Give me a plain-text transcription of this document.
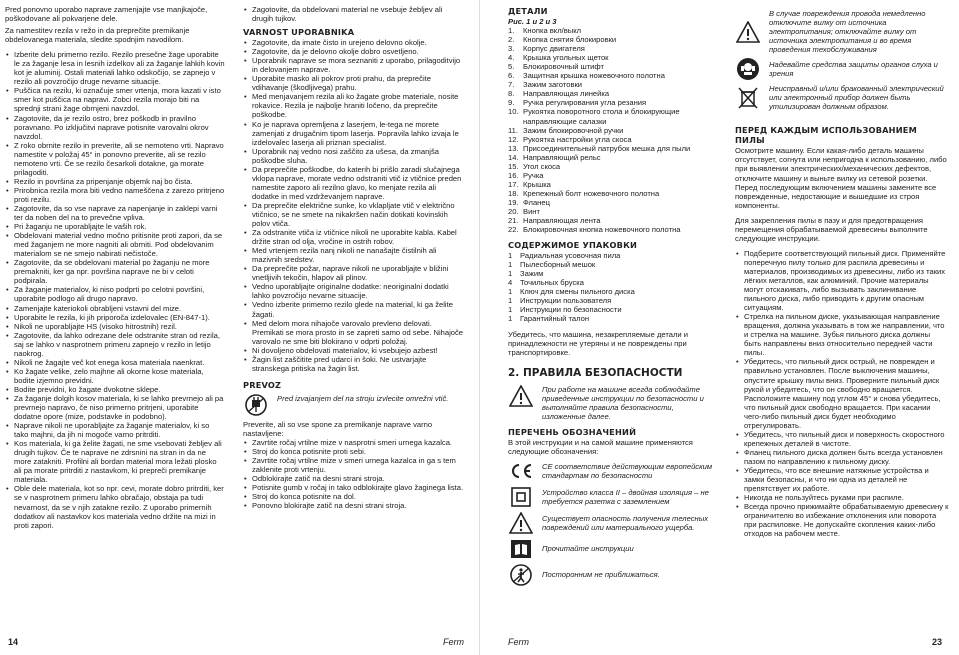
Pred ponovno uporabo naprave zamenjajte vse manjkajoče, poškodovane ali pokvarjene dele.

Za namestitev rezila v režo in da preprečite premikanje obdelovanega materiala, sledite spodnjim navodilom.

• Izberite delu primerno rezilo. Rezilo presečne žage uporabite le za žaganje lesa in lesnih izdelkov ali za žaganje lahkih kovin kot je aluminij. Ostali materiali lahko odskočijo, se zapnejo v rezilo ali povzročijo druge nevarne situacije.
• Puščica na rezilu, ki označuje smer vrtenja, mora kazati v isto smer kot puščica na napravi. Zobci rezila morajo biti na sprednji strani žage obrnjeni navzdol.
• Zagotovite, da je rezilo ostro, brez poškodb in pravilno poravnano. Po izključitvi naprave potisnite varovalni okrov navzdol.
• Z roko obrnite rezilo in preverite, ali se nemoteno vrti. Napravo namestite v položaj 45° in ponovno preverite, ali se rezilo nemoteno vrti. Če se rezilo česarkoli dotakne, ga morate prilagoditi.
• Rezilo in površina za pripenjanje objemk naj bo čista.
• Prirobnica rezila mora biti vedno nameščena z zarezo pritrjeno proti rezilu.
• Zagotovite, da so vse naprave za napenjanje in zaklepi varni ter da noben del na to prevečne vpliva.
• Pri žaganju ne uporabljajte le vaših rok.
• Obdelovani material vedno močno pritisnite proti zapori, da se med žaganjem ne more nagniti ali obrniti. Pod obdelovanim materialom se ne smejo nabirati nečistoče.
• Zagotovite, da se obdelovani material po žaganju ne more premakniti, ker ga npr. površina naprave ne bi v celoti podpirala.
• Za žaganje materialov, ki niso podprti po celotni površini, uporabite podlogo ali drugo napravo.
• Zamenjajte kateriokoli obrabljeni vstavni del mize.
• Uporabite le rezila, ki jih priporoča izdelovalec (EN-847-1).
• Nikoli ne uporabljajte HS (visoko hitrostnih) rezil.
• Zagotovite, da lahko odrezane dele odstranite stran od rezila, saj se lahko v nasprotnem primeru zapnejo v rezilo in letijo naokrog.
• Nikoli ne žagajte več kot enega kosa materiala naenkrat.
• Ko žagate velike, zelo majhne ali okorne kose materiala, bodite izjemno previdni.
• Bodite previdni, ko žagate dvokotne sklepe.
• Za žaganje dolgih kosov materiala, ki se lahko prevrnejo ali pa prevrnejo napravo, če niso primerno pritrjeni, uporabite dodatne opore (mize, podstavke in podobno).
• Naprave nikoli ne uporabljajte za žaganje materialov, ki so tako majhni, da jih ni mogoče varno pritrditi.
• Kos materiala, ki ga želite žagati, ne sme vsebovati žebljev ali drugih tujkov. Če te naprave ne zdrsnini na stran in da ne more zatakniti. Profilni ali bordan material mora ležati plosko ali pa morate pritrditi z nastavkom, ki prepreči premikanje materiala.
• Oble dele materiala, kot so npr. cevi, morate dobro pritrditi, ker se v nasprotnem primeru lahko obračajo, obstaja pa tudi nevarnost, da se v njih zatakne rezilo. Z uporabo primernih dodatkov ali nastavkov kos materiala vedno držite na mizi in proti zapori.
• Zagotovite, da obdelovani material ne vsebuje žebljev ali drugih tujkov.
VARNOST UPORABNIKA
• Zagotovite, da imate čisto in urejeno delovno okolje.
• Zagotovite, da je delovno okolje dobro osvetljeno.
• Uporabnik naprave se mora seznaniti z uporabo, prilagoditvijo in delovanjem naprave.
• Uporabite masko ali pokrov proti prahu, da preprečite vdihavanje (škodljivega) prahu.
• Med menjavanjem rezila ali ko žagate grobe materiale, nosite rokavice. Rezila je najbolje hraniti ločeno, da preprečite poškodbe.
• Ko je naprava opremljena z laserjem, le-tega ne morete zamenjati z drugačnim tipom laserja. Popravila lahko izvaja le izdelovalec laserja ali priznan specialist.
• Uporabnik naj vedno nosi zaščito za ušesa, da zmanjša poškodbe sluha.
• Da preprečite poškodbe, do katerih bi prišlo zaradi slučajnega vklopa naprave, morate vedno odstraniti vtič iz vtičnice preden namestite zaporo ali rezilno glavo, ko menjate rezila ali dodatke in med vzdrževanjem naprave.
• Da preprečite električne sunke, ko vklapljate vtič v električno vtičnico, se ne smete na nikakršen način dotikati kovinskih polov vtiča.
• Za odstranite vtiča iz vtičnice nikoli ne uporabite kabla. Kabel držite stran od olja, vročine in ostrih robov.
• Med vrtenjem rezila nanj nikoli ne nanašajte čistilnih ali mazivnih sredstev.
• Da preprečite požar, naprave nikoli ne uporabljajte v bližini vnetljivih tekočin, hlapov ali plinov.
• Vedno uporabljajte originalne dodatke: neoriginalni dodatki lahko povzročijo nevarne situacije.
• Vedno izberite primerno rezilo glede na material, ki ga želite žagati.
• Med delom mora nihajoče varovalo prevleno delovati. Premikati se mora prosto in se zapreti samo od sebe. Nihajoče varovalo ne sme biti blokirano v odprti položaj.
• Ni dovoljeno obdelovati materialov, ki vsebujejo azbest!
• Žagin list zaščitite pred udarci in šoki. Ne ustvarjajte stranskega pritiska na žagin list.
PREVOZ
Pred izvajanjem del na stroju izvlecite omrežni vtič.

Preverite, ali so vse spone za premikanje naprave varno nastavljene:

• Zavrtite ročaj vrtilne mize v nasprotni smeri urnega kazalca.
• Stroj do konca potisnite proti sebi.
• Zavrtite ročaj vrtilne mize v smeri urnega kazalca in ga s tem zaklenite proti vrtenju.
• Odblokirajte zatič na desni strani stroja.
• Potisnite gumb v ročaj in tako odblokirajte glavo žaginega lista.
• Stroj do konca potisnite na dol.
• Ponovno blokirajte zatič na desni strani stroja.
14	Ferm
ДЕТАЛИ

Рис. 1 и 2 и 3

1.	Кнопка вкл/выкл
2.	Кнопка снятия блокировки
3.	Корпус двигателя
4.	Крышка угольных щеток
5.	Блокировочный штифт
6.	Защитная крышка ножевочного полотна
7.	Зажим заготовки
8.	Направляющая линейка
9.	Ручка регулирования угла резания
10. Рукоятка поворотного стола и блокирующие направляющие салазки
11. Зажим блокировочной ручки
12. Рукоятка настройки угла скоса
13. Присоединительный патрубок мешка для пыли
14. Направляющий рельс
15. Угол скоса
16. Ручка
17. Крышка
18. Крепежный болт ножевочного полотна
19. Фланец
20. Винт
21. Направляющая лента
22. Блокировочная кнопка ножевочного полотна
СОДЕРЖИМОЕ УПАКОВКИ
1	Радиальная усовочная пила
1	Пылесборный мешок
1	Зажим
4	Точильных бруска
1	Ключ для смены пильного диска
1	Инструкции пользователя
1	Инструкции по безопасности
1	Гарантийный талон

Убедитесь, что машина, незакрепляемые детали и принадлежности не утеряны и не повреждены при транспортировке.

2. ПРАВИЛА БЕЗОПАСНОСТИ
При работе на машине всегда соблюдайте приведенные инструкции по безопасности и выполняйте правила безопасности, изложенные далее.
ПЕРЕЧЕНЬ ОБОЗНАЧЕНИЙ

В этой инструкции и на самой машине применяются следующие обозначения:

CE соответствие действующим европейским стандартам по безопасности
Устройство класса II – двойная изоляция – не требуется разетка с заземлением
Существует опасность получения телесных повреждений или материального ущерба.
Прочитайте инструкции
Посторонним не приближаться.
В случае повреждения провода немедленно отключите вилку от источника электропитания; отключайте вилку от источника электропитания и во время проведения техобслуживания
Надевайте средства защиты органов слуха и зрения
Неисправный и/или бракованный электрический или электронный прибор должен быть утилизирован должным образом.
ПЕРЕД КАЖДЫМ ИСПОЛЬЗОВАНИЕМ ПИЛЫ

Осмотрите машину. Если какая-либо деталь машины отсутствует, согнута или непригодна к использованию, либо при выявлении электрических/механических дефектов, отключите машину и выньте вилку из сетевой розетки. Перед последующим включением машины замените все поврежденные, недостающие и вышедшие из строя компоненты.

Для закрепления пилы в пазу и для предотвращения перемещения обрабатываемой древесины выполните следующие инструкции.

• Подберите соответствующий пильный диск. Применяйте поперечную пилу только для распила древесины и материалов, производимых из древесины, либо из таких лёгких металлов, как алюминий. Прочие материалы могут отскакивать, либо вызывать заклинивание пильного диска, либо приводить к другим опасным ситуациям.
• Стрелка на пильном диске, указывающая направление вращения, должна указывать в том же направлении, что и стрелка на машине. Зубья пильного диска должны быть направлены вниз относительно передней части пилы.
• Убедитесь, что пильный диск острый, не поврежден и правильно установлен. После выключения машины, опустите крышку пилы вниз. Проверните пильный диск рукой и убедитесь, что он свободно вращается. Расположите машину под углом 45° и снова убедитесь, что пильный диск свободно вращается. При касании чего-либо пильный диск будет необходимо отрегулировать.
• Убедитесь, что пильный диск и поверхность скоростного крепежных деталей в чистоте.
• Фланец пильного диска должен быть всегда установлен пазом по направлению к пильному диску.
• Убедитесь, что все внешние натяжные устройства и замки безопасны, и что ни одна из деталей не препятствует их работе.
• Никогда не пользуйтесь руками при распиле.
• Всегда прочно прижимайте обрабатываемую древесину к ограничителю во избежание отклонения или поворота при распиловке. Не допускайте скопления каких-либо отходов на рабочем месте.
Ferm	23
